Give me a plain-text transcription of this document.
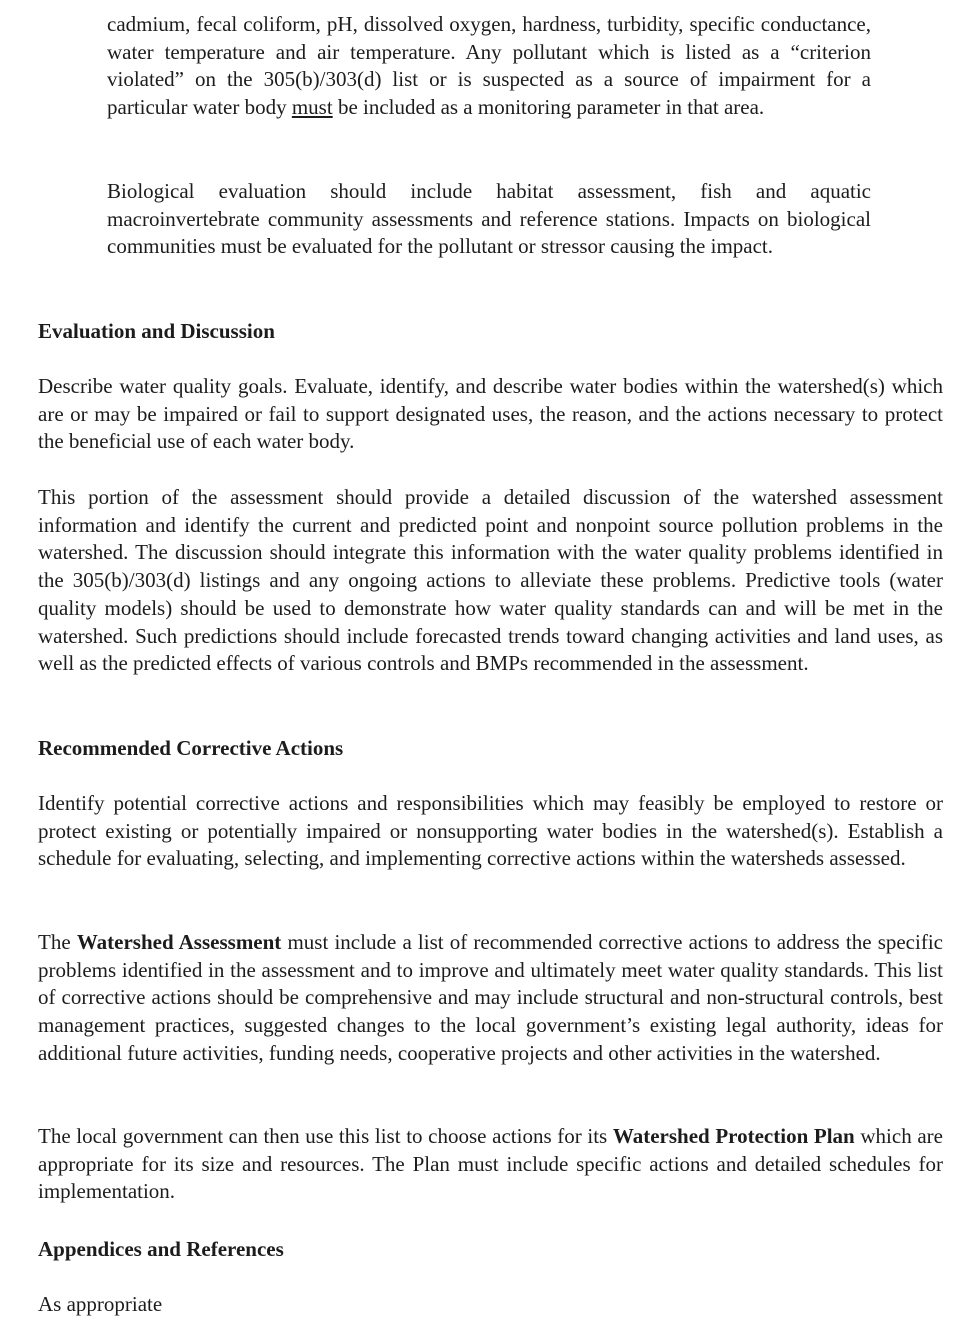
cadmium, fecal coliform, pH, dissolved oxygen, hardness, turbidity, specific conductance, water temperature and air temperature. Any pollutant which is listed as a “criterion violated” on the 305(b)/303(d) list or is suspected as a source of impairment for a particular water body must be included as a monitoring parameter in that area.

Biological evaluation should include habitat assessment, fish and aquatic macroinvertebrate community assessments and reference stations. Impacts on biological communities must be evaluated for the pollutant or stressor causing the impact.

Evaluation and Discussion

Describe water quality goals. Evaluate, identify, and describe water bodies within the watershed(s) which are or may be impaired or fail to support designated uses, the reason, and the actions necessary to protect the beneficial use of each water body.

This portion of the assessment should provide a detailed discussion of the watershed assessment information and identify the current and predicted point and nonpoint source pollution problems in the watershed. The discussion should integrate this information with the water quality problems identified in the 305(b)/303(d) listings and any ongoing actions to alleviate these problems. Predictive tools (water quality models) should be used to demonstrate how water quality standards can and will be met in the watershed. Such predictions should include forecasted trends toward changing activities and land uses, as well as the predicted effects of various controls and BMPs recommended in the assessment.

Recommended Corrective Actions

Identify potential corrective actions and responsibilities which may feasibly be employed to restore or protect existing or potentially impaired or nonsupporting water bodies in the watershed(s). Establish a schedule for evaluating, selecting, and implementing corrective actions within the watersheds assessed.

The Watershed Assessment must include a list of recommended corrective actions to address the specific problems identified in the assessment and to improve and ultimately meet water quality standards. This list of corrective actions should be comprehensive and may include structural and non-structural controls, best management practices, suggested changes to the local government’s existing legal authority, ideas for additional future activities, funding needs, cooperative projects and other activities in the watershed.

The local government can then use this list to choose actions for its Watershed Protection Plan which are appropriate for its size and resources. The Plan must include specific actions and detailed schedules for implementation.

Appendices and References

As appropriate
